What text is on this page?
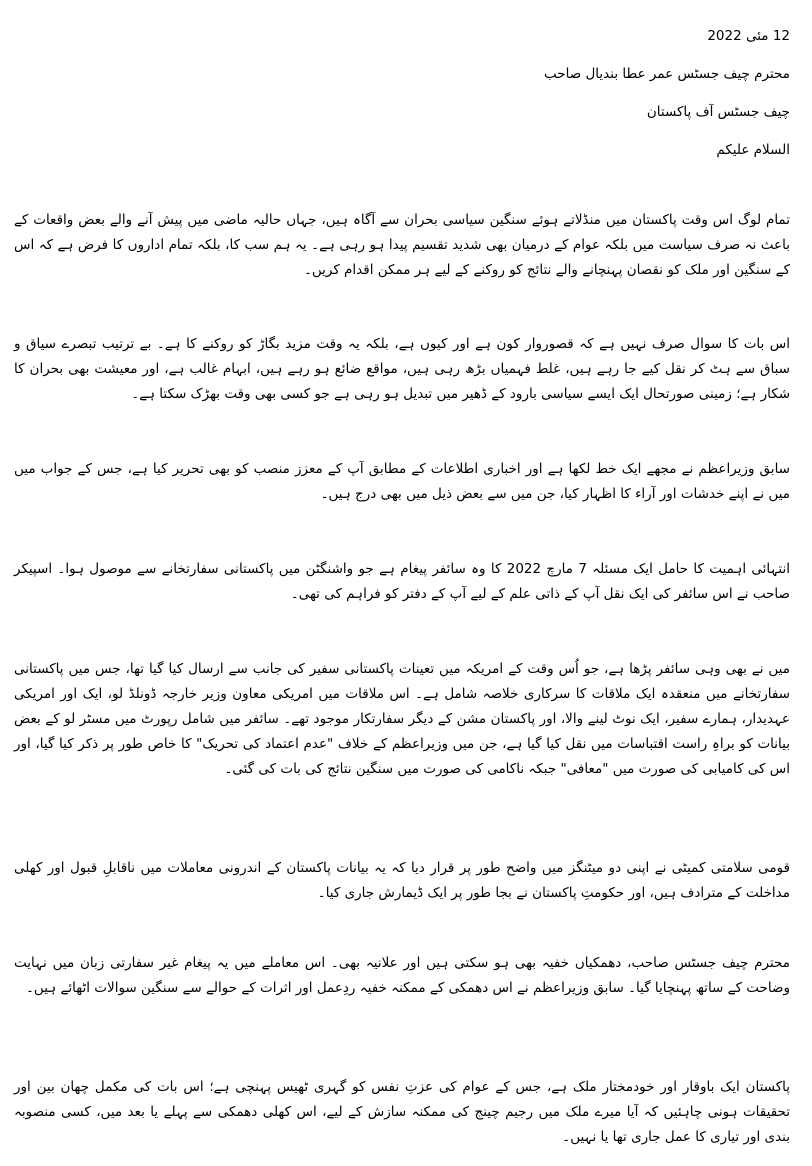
12 مئی 2022
محترم چیف جسٹس عمر عطا بندیال صاحب
چیف جسٹس آف پاکستان
السلام علیکم
تمام لوگ اس وقت پاکستان میں منڈلاتے ہوئے سنگین سیاسی بحران سے آگاہ ہیں، جہاں حالیہ ماضی میں پیش آنے والے بعض واقعات کے باعث نہ صرف سیاست میں بلکہ عوام کے درمیان بھی شدید تقسیم پیدا ہو رہی ہے۔ یہ ہم سب کا، بلکہ تمام اداروں کا فرض ہے کہ اس کے سنگین اور ملک کو نقصان پہنچانے والے نتائج کو روکنے کے لیے ہر ممکن اقدام کریں۔
اس بات کا سوال صرف نہیں ہے کہ قصوروار کون ہے اور کیوں ہے، بلکہ یہ وقت مزید بگاڑ کو روکنے کا ہے۔ بے ترتیب تبصرے سیاق و سباق سے ہٹ کر نقل کیے جا رہے ہیں، غلط فہمیاں بڑھ رہی ہیں، مواقع ضائع ہو رہے ہیں، ابہام غالب ہے، اور معیشت بھی بحران کا شکار ہے؛ زمینی صورتحال ایک ایسے سیاسی بارود کے ڈھیر میں تبدیل ہو رہی ہے جو کسی بھی وقت بھڑک سکتا ہے۔
سابق وزیراعظم نے مجھے ایک خط لکھا ہے اور اخباری اطلاعات کے مطابق آپ کے معزز منصب کو بھی تحریر کیا ہے، جس کے جواب میں میں نے اپنے خدشات اور آراء کا اظہار کیا، جن میں سے بعض ذیل میں بھی درج ہیں۔
انتہائی اہمیت کا حامل ایک مسئلہ 7 مارچ 2022 کا وہ سائفر پیغام ہے جو واشنگٹن میں پاکستانی سفارتخانے سے موصول ہوا۔ اسپیکر صاحب نے اس سائفر کی ایک نقل آپ کے ذاتی علم کے لیے آپ کے دفتر کو فراہم کی تھی۔
میں نے بھی وہی سائفر پڑھا ہے، جو اُس وقت کے امریکہ میں تعینات پاکستانی سفیر کی جانب سے ارسال کیا گیا تھا، جس میں پاکستانی سفارتخانے میں منعقدہ ایک ملاقات کا سرکاری خلاصہ شامل ہے۔ اس ملاقات میں امریکی معاون وزیر خارجہ ڈونلڈ لو، ایک اور امریکی عہدیدار، ہمارے سفیر، ایک نوٹ لینے والا، اور پاکستان مشن کے دیگر سفارتکار موجود تھے۔ سائفر میں شامل رپورٹ میں مسٹر لو کے بعض بیانات کو براہِ راست اقتباسات میں نقل کیا گیا ہے، جن میں وزیراعظم کے خلاف "عدم اعتماد کی تحریک" کا خاص طور پر ذکر کیا گیا، اور اس کی کامیابی کی صورت میں "معافی" جبکہ ناکامی کی صورت میں سنگین نتائج کی بات کی گئی۔
قومی سلامتی کمیٹی نے اپنی دو میٹنگز میں واضح طور پر قرار دیا کہ یہ بیانات پاکستان کے اندرونی معاملات میں ناقابلِ قبول اور کھلی مداخلت کے مترادف ہیں، اور حکومتِ پاکستان نے بجا طور پر ایک ڈیمارش جاری کیا۔
محترم چیف جسٹس صاحب، دھمکیاں خفیہ بھی ہو سکتی ہیں اور علانیہ بھی۔ اس معاملے میں یہ پیغام غیر سفارتی زبان میں نہایت وضاحت کے ساتھ پہنچایا گیا۔ سابق وزیراعظم نے اس دھمکی کے ممکنہ خفیہ ردِعمل اور اثرات کے حوالے سے سنگین سوالات اٹھائے ہیں۔
پاکستان ایک باوقار اور خودمختار ملک ہے، جس کے عوام کی عزتِ نفس کو گہری ٹھیس پہنچی ہے؛ اس بات کی مکمل چھان بین اور تحقیقات ہونی چاہئیں کہ آیا میرے ملک میں رجیم چینج کی ممکنہ سازش کے لیے، اس کھلی دھمکی سے پہلے یا بعد میں، کسی منصوبہ بندی اور تیاری کا عمل جاری تھا یا نہیں۔
